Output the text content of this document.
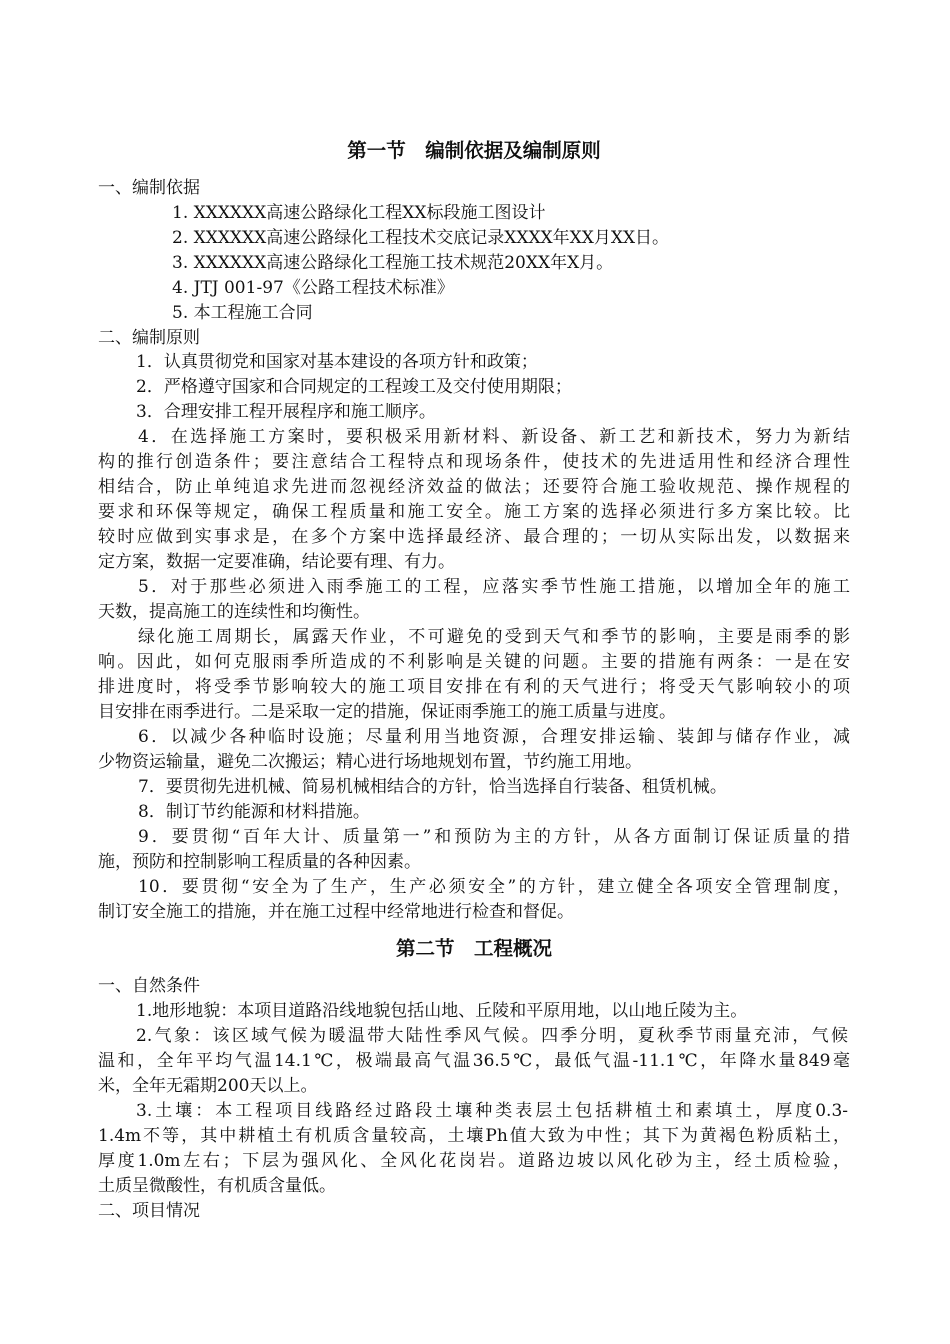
第一节　编制依据及编制原则
一、编制依据
1. XXXXXX高速公路绿化工程XX标段施工图设计
2. XXXXXX高速公路绿化工程技术交底记录XXXX年XX月XX日。
3. XXXXXX高速公路绿化工程施工技术规范20XX年X月。
4. JTJ 001-97《公路工程技术标准》
5. 本工程施工合同
二、编制原则
1．认真贯彻党和国家对基本建设的各项方针和政策；
2．严格遵守国家和合同规定的工程竣工及交付使用期限；
3．合理安排工程开展程序和施工顺序。
4．在选择施工方案时，要积极采用新材料、新设备、新工艺和新技术，努力为新结
构的推行创造条件；要注意结合工程特点和现场条件，使技术的先进适用性和经济合理性
相结合，防止单纯追求先进而忽视经济效益的做法；还要符合施工验收规范、操作规程的
要求和环保等规定，确保工程质量和施工安全。施工方案的选择必须进行多方案比较。比
较时应做到实事求是，在多个方案中选择最经济、最合理的；一切从实际出发，以数据来
定方案，数据一定要准确，结论要有理、有力。
5．对于那些必须进入雨季施工的工程，应落实季节性施工措施，以增加全年的施工
天数，提高施工的连续性和均衡性。
绿化施工周期长，属露天作业，不可避免的受到天气和季节的影响，主要是雨季的影
响。因此，如何克服雨季所造成的不利影响是关键的问题。主要的措施有两条：一是在安
排进度时，将受季节影响较大的施工项目安排在有利的天气进行；将受天气影响较小的项
目安排在雨季进行。二是采取一定的措施，保证雨季施工的施工质量与进度。
6．以减少各种临时设施；尽量利用当地资源，合理安排运输、装卸与储存作业，减
少物资运输量，避免二次搬运；精心进行场地规划布置，节约施工用地。
7．要贯彻先进机械、简易机械相结合的方针，恰当选择自行装备、租赁机械。
8．制订节约能源和材料措施。
9．要贯彻“百年大计、质量第一”和预防为主的方针，从各方面制订保证质量的措
施，预防和控制影响工程质量的各种因素。
10．要贯彻“安全为了生产，生产必须安全”的方针，建立健全各项安全管理制度，
制订安全施工的措施，并在施工过程中经常地进行检查和督促。
第二节　工程概况
一、自然条件
1.地形地貌：本项目道路沿线地貌包括山地、丘陵和平原用地，以山地丘陵为主。
2.气象：该区域气候为暖温带大陆性季风气候。四季分明，夏秋季节雨量充沛，气候
温和，全年平均气温14.1℃，极端最高气温36.5℃，最低气温-11.1℃，年降水量849毫
米，全年无霜期200天以上。
3.土壤：本工程项目线路经过路段土壤种类表层土包括耕植土和素填土，厚度0.3-
1.4m不等，其中耕植土有机质含量较高，土壤Ph值大致为中性；其下为黄褐色粉质粘土，
厚度1.0m左右；下层为强风化、全风化花岗岩。道路边坡以风化砂为主，经土质检验，
土质呈微酸性，有机质含量低。
二、项目情况
